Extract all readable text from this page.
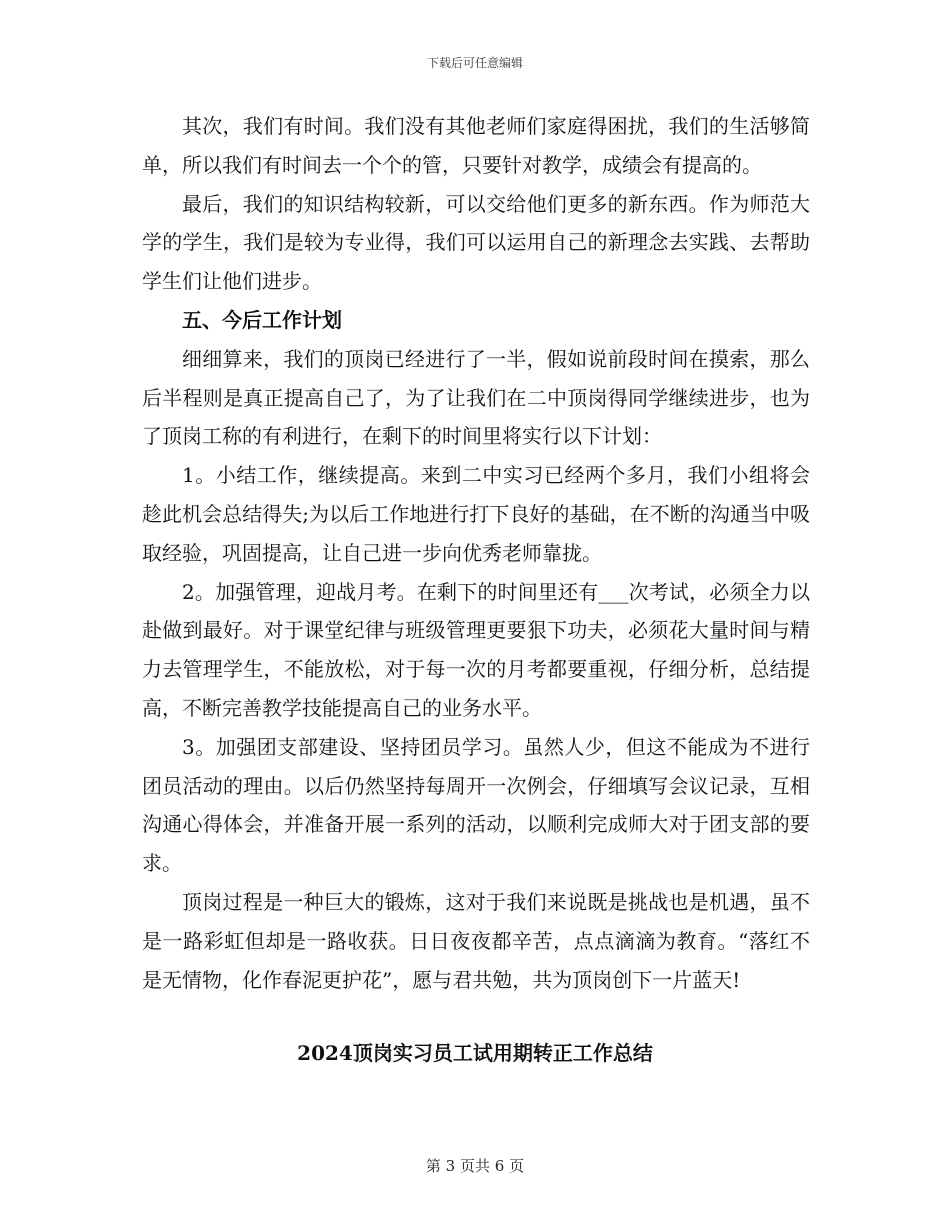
下载后可任意编辑

其次，我们有时间。我们没有其他老师们家庭得困扰，我们的生活够简单，所以我们有时间去一个个的管，只要针对教学，成绩会有提高的。

最后，我们的知识结构较新，可以交给他们更多的新东西。作为师范大学的学生，我们是较为专业得，我们可以运用自己的新理念去实践、去帮助学生们让他们进步。

五、今后工作计划

细细算来，我们的顶岗已经进行了一半，假如说前段时间在摸索，那么后半程则是真正提高自己了，为了让我们在二中顶岗得同学继续进步，也为了顶岗工称的有利进行，在剩下的时间里将实行以下计划：

1。小结工作，继续提高。来到二中实习已经两个多月，我们小组将会趁此机会总结得失;为以后工作地进行打下良好的基础，在不断的沟通当中吸取经验，巩固提高，让自己进一步向优秀老师靠拢。

2。加强管理，迎战月考。在剩下的时间里还有___次考试，必须全力以赴做到最好。对于课堂纪律与班级管理更要狠下功夫，必须花大量时间与精力去管理学生，不能放松，对于每一次的月考都要重视，仔细分析，总结提高，不断完善教学技能提高自己的业务水平。

3。加强团支部建设、坚持团员学习。虽然人少，但这不能成为不进行团员活动的理由。以后仍然坚持每周开一次例会，仔细填写会议记录，互相沟通心得体会，并准备开展一系列的活动，以顺利完成师大对于团支部的要求。

顶岗过程是一种巨大的锻炼，这对于我们来说既是挑战也是机遇，虽不是一路彩虹但却是一路收获。日日夜夜都辛苦，点点滴滴为教育。“落红不是无情物，化作春泥更护花”，愿与君共勉，共为顶岗创下一片蓝天!

2024顶岗实习员工试用期转正工作总结
第 3 页共 6 页
